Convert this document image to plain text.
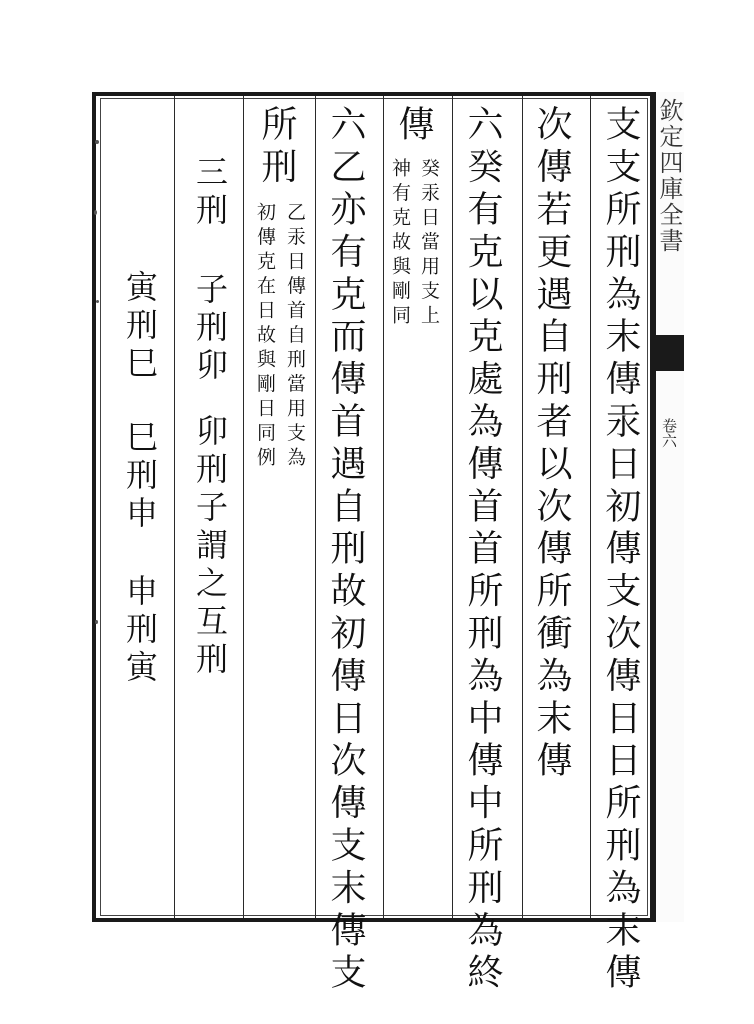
欽定四庫全書
卷六
支支所刑為末傳汞日初傳支次傳日日所刑為末傳
次傳若更遇自刑者以次傳所衝為末傳
六癸有克以克處為傳首首所刑為中傳中所刑為終
傳
癸汞日當用支上
神有克故與剛同
六乙亦有克而傳首遇自刑故初傳日次傳支末傳支
所刑
乙汞日傳首自刑當用支為
初傳克在日故與剛日同例
三刑
子刑卯
卯刑子謂之互刑
寅刑巳
巳刑申
申刑寅
